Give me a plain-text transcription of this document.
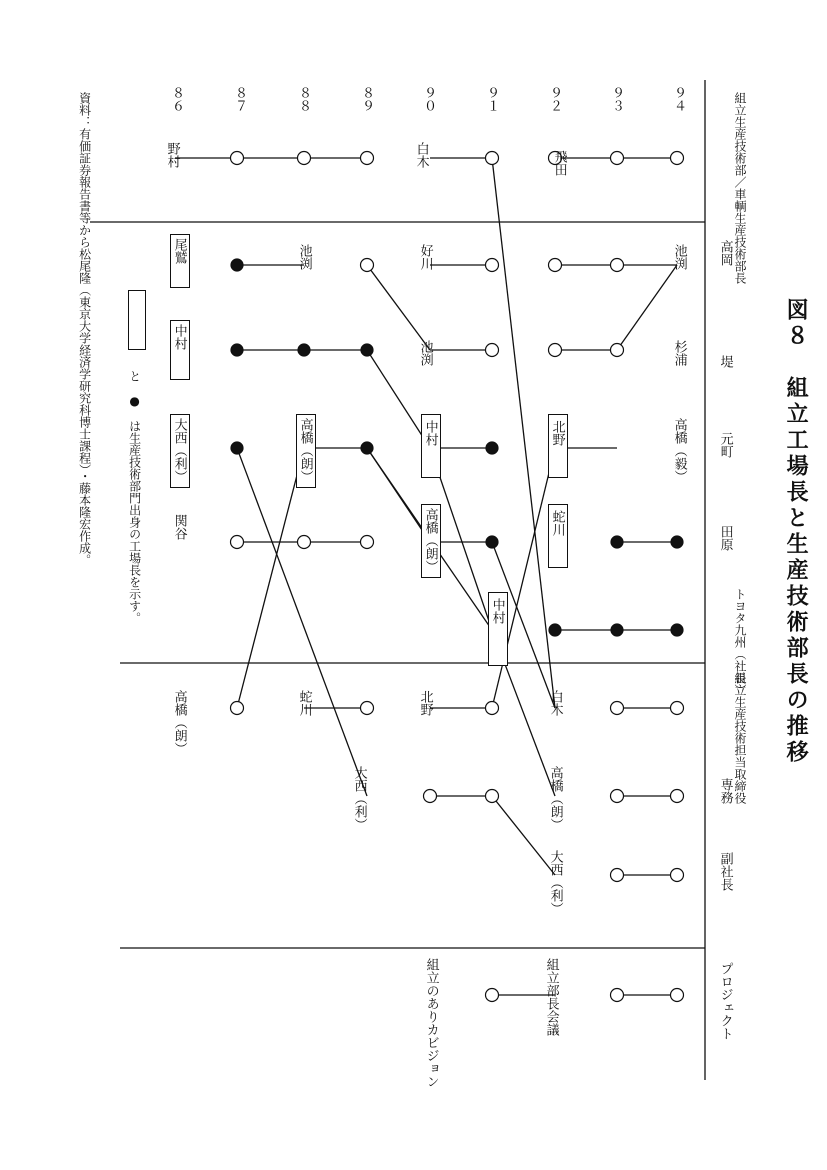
図８　組立工場長と生産技術部長の推移
組立生産技術部／車輌生産技術部長
高岡
堤
元町
田原
トヨタ九州（社長）
組立生産技術担当取締役
専務
副社長
プロジェクト
９４
９３
９２
９１
９０
８９
８８
８７
８６
飛田
白木
野村
池渕
好川
池渕
尾鷲
杉浦
池渕
中村
高橋（毅）
北野
中村
高橋（朗）
大西（利）
蛇川
高橋（朗）
関谷
中村
白木
北野
蛇川
高橋（朗）
高橋（朗）
大西（利）
大西（利）
組立部長会議
組立のありカビジョン
と　●　は生産技術部門出身の工場長を示す。
資料：有価証券報告書等から松尾隆（東京大学経済学研究科博士課程）・藤本隆宏作成。
